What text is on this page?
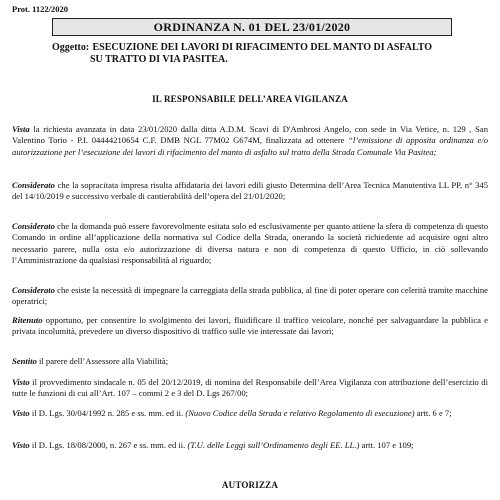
Prot. 1122/2020
ORDINANZA N. 01 DEL 23/01/2020
Oggetto: ESECUZIONE DEI LAVORI DI RIFACIMENTO DEL MANTO DI ASFALTO
SU TRATTO DI VIA PASITEA.
IL RESPONSABILE DELL’AREA VIGILANZA
Vista la richiesta avanzata in data 23/01/2020 dalla ditta A.D.M. Scavi di D'Ambrosi Angelo, con sede in Via Vetice, n. 129 , San Valentino Torio - P.I. 04444210654 C.F. DMB NGL 77M02 G674M, finalizzata ad ottenere “l’emissione di apposita ordinanza e/o autorizzazione per l’esecuzione dei lavori di rifacimento del manto di asfalto sul tratto della Strada Comunale Via Pasitea;
Considerato che la sopracitata impresa risulta affidataria dei lavori edili giusto Determina dell’Area Tecnica Manutentiva LL PP, n° 345 del 14/10/2019 e successivo verbale di cantierabilità dell’opera del 21/01/2020;
Considerato che la domanda può essere favorevolmente esitata solo ed esclusivamente per quanto attiene la sfera di competenza di questo Comando in ordine all’applicazione della normativa sul Codice della Strada, onerando la società richiedente ad acquisire ogni altro necessario parere, nulla osta e/o autorizzazione di diversa natura e non di competenza di questo Ufficio, in ciò sollevando l’Amministrazione da qualsiasi responsabilità al riguardo;
Considerato che esiste la necessità di impegnare la carreggiata della strada pubblica, al fine di poter operare con celerità tramite macchine operatrici;
Ritenuto opportuno, per consentire lo svolgimento dei lavori, fluidificare il traffico veicolare, nonché per salvaguardare la pubblica e privata incolumità, prevedere un diverso dispositivo di traffico sulle vie interessate dai lavori;
Sentito il parere dell’Assessore alla Viabilità;
Visto il provvedimento sindacale n. 05 del 20/12/2019, di nomina del Responsabile dell’Area Vigilanza con attribuzione dell’esercizio di tutte le funzioni di cui all’Art. 107 – commi 2 e 3 del D. Lgs 267/00;
Visto il D. Lgs. 30/04/1992 n. 285 e ss. mm. ed ii. (Nuovo Codice della Strada e relativo Regolamento di esecuzione) artt. 6 e 7;
Visto il D. Lgs. 18/08/2000, n. 267 e ss. mm. ed ii. (T.U. delle Leggi sull’Ordinamento degli EE. LL.) artt. 107 e 109;
AUTORIZZA
